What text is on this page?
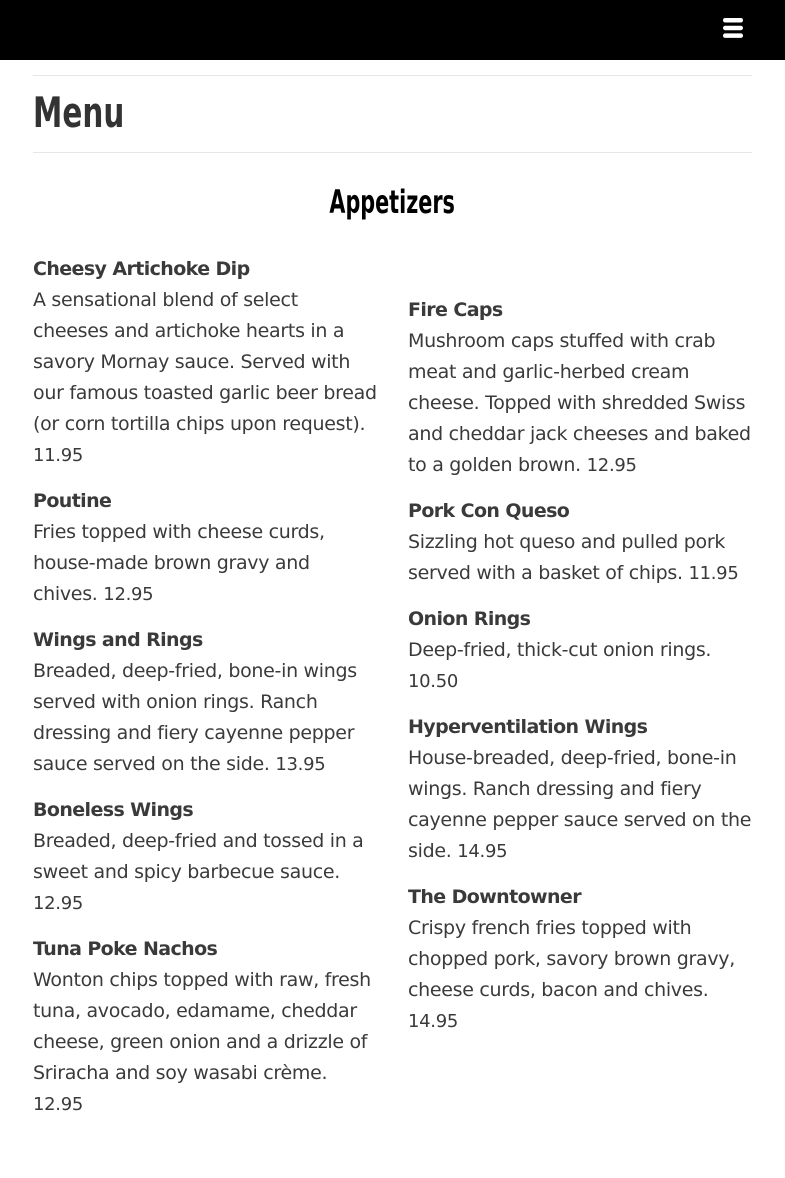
Menu
Appetizers
Cheesy Artichoke Dip
A sensational blend of select cheeses and artichoke hearts in a savory Mornay sauce. Served with our famous toasted garlic beer bread (or corn tortilla chips upon request). 11.95
Poutine
Fries topped with cheese curds, house-made brown gravy and chives. 12.95
Wings and Rings
Breaded, deep-fried, bone-in wings served with onion rings. Ranch dressing and fiery cayenne pepper sauce served on the side. 13.95
Boneless Wings
Breaded, deep-fried and tossed in a sweet and spicy barbecue sauce. 12.95
Tuna Poke Nachos
Wonton chips topped with raw, fresh tuna, avocado, edamame, cheddar cheese, green onion and a drizzle of Sriracha and soy wasabi crème. 12.95
Fire Caps
Mushroom caps stuffed with crab meat and garlic-herbed cream cheese. Topped with shredded Swiss and cheddar jack cheeses and baked to a golden brown. 12.95
Pork Con Queso
Sizzling hot queso and pulled pork served with a basket of chips. 11.95
Onion Rings
Deep-fried, thick-cut onion rings. 10.50
Hyperventilation Wings
House-breaded, deep-fried, bone-in wings. Ranch dressing and fiery cayenne pepper sauce served on the side. 14.95
The Downtowner
Crispy french fries topped with chopped pork, savory brown gravy, cheese curds, bacon and chives. 14.95
